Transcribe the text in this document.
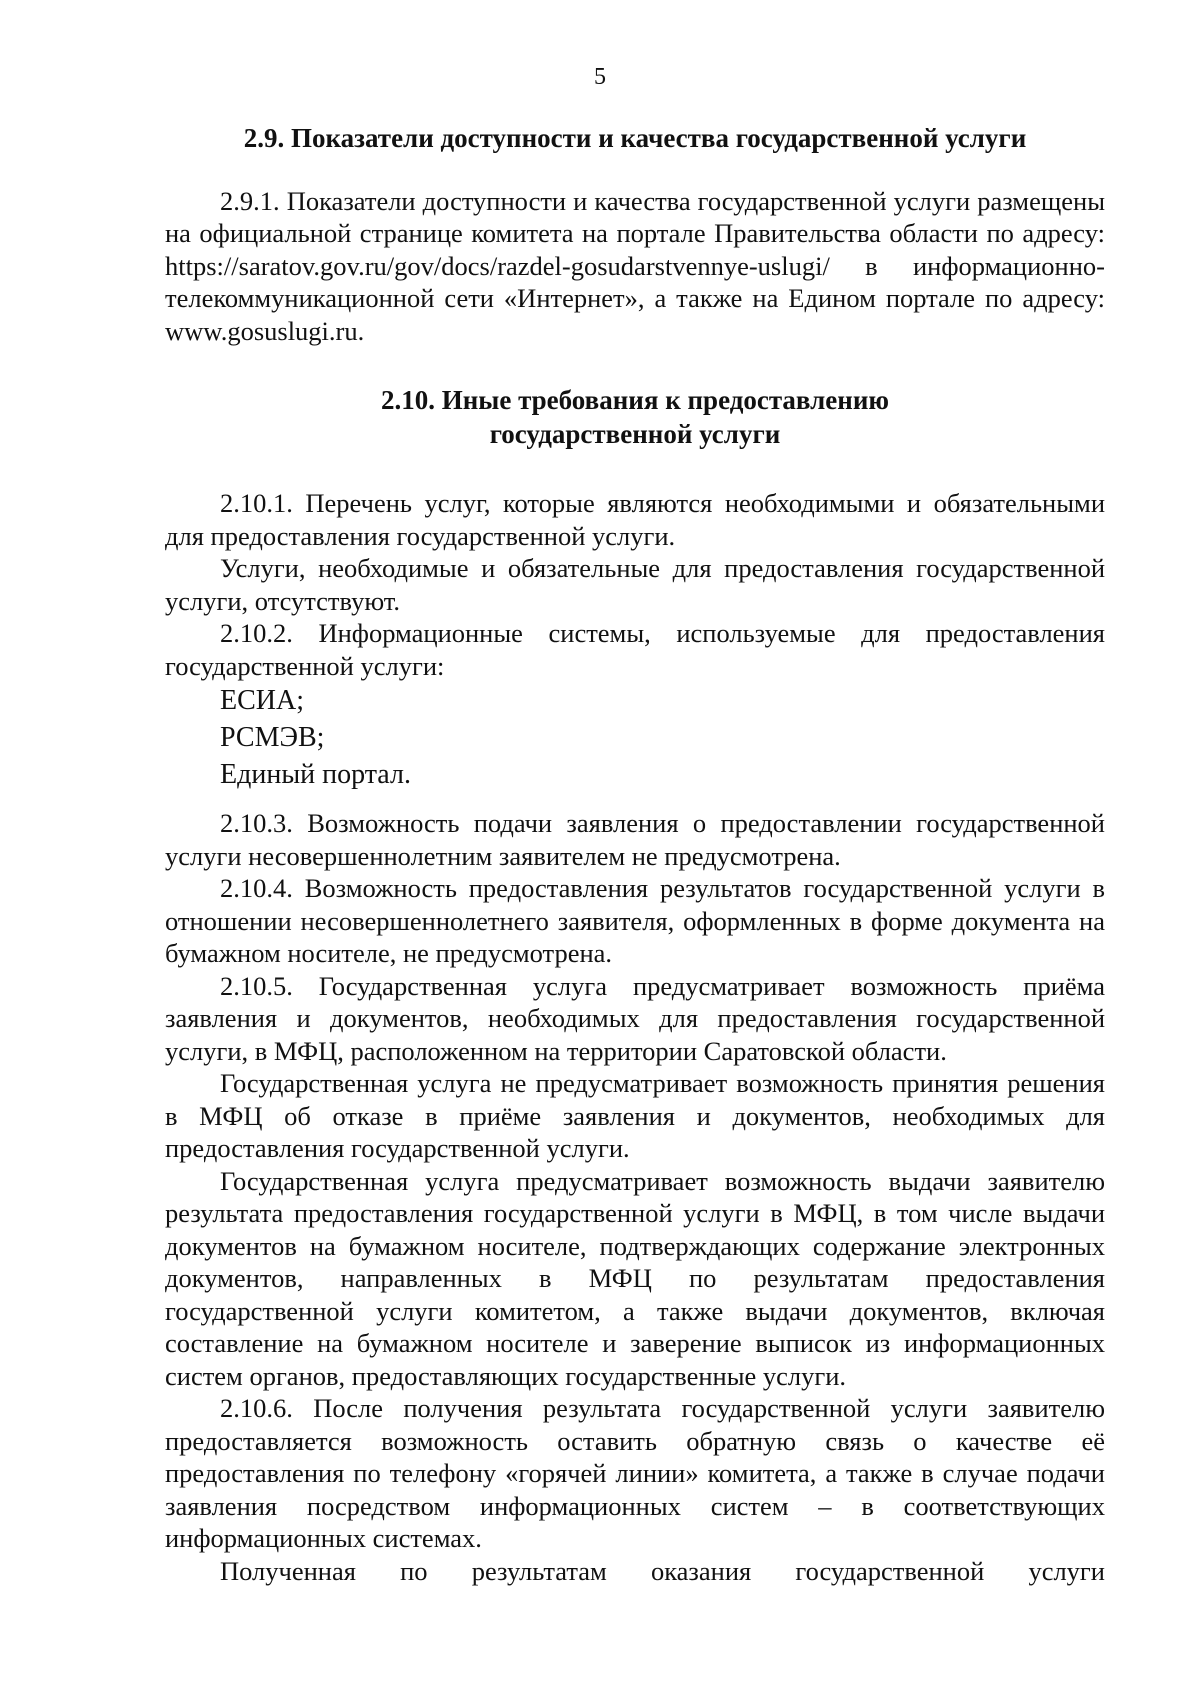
5
2.9. Показатели доступности и качества государственной услуги

2.9.1. Показатели доступности и качества государственной услуги размещены на официальной странице комитета на портале Правительства области по адресу: https://saratov.gov.ru/gov/docs/razdel-gosudarstvennye-uslugi/ в информационно-телекоммуникационной сети «Интернет», а также на Едином портале по адресу: www.gosuslugi.ru.

2.10. Иные требования к предоставлению
государственной услуги

2.10.1. Перечень услуг, которые являются необходимыми и обязательными для предоставления государственной услуги.

Услуги, необходимые и обязательные для предоставления государственной услуги, отсутствуют.

2.10.2. Информационные системы, используемые для предоставления государственной услуги:

ЕСИА;

РСМЭВ;

Единый портал.

2.10.3. Возможность подачи заявления о предоставлении государственной услуги несовершеннолетним заявителем не предусмотрена.

2.10.4. Возможность предоставления результатов государственной услуги в отношении несовершеннолетнего заявителя, оформленных в форме документа на бумажном носителе, не предусмотрена.

2.10.5. Государственная услуга предусматривает возможность приёма заявления и документов, необходимых для предоставления государственной услуги, в МФЦ, расположенном на территории Саратовской области.

Государственная услуга не предусматривает возможность принятия решения в МФЦ об отказе в приёме заявления и документов, необходимых для предоставления государственной услуги.

Государственная услуга предусматривает возможность выдачи заявителю результата предоставления государственной услуги в МФЦ, в том числе выдачи документов на бумажном носителе, подтверждающих содержание электронных документов, направленных в МФЦ по результатам предоставления государственной услуги комитетом, а также выдачи документов, включая составление на бумажном носителе и заверение выписок из информационных систем органов, предоставляющих государственные услуги.

2.10.6. После получения результата государственной услуги заявителю предоставляется возможность оставить обратную связь о качестве её предоставления по телефону «горячей линии» комитета, а также в случае подачи заявления посредством информационных систем – в соответствующих информационных системах.

Полученная по результатам оказания государственной услуги
